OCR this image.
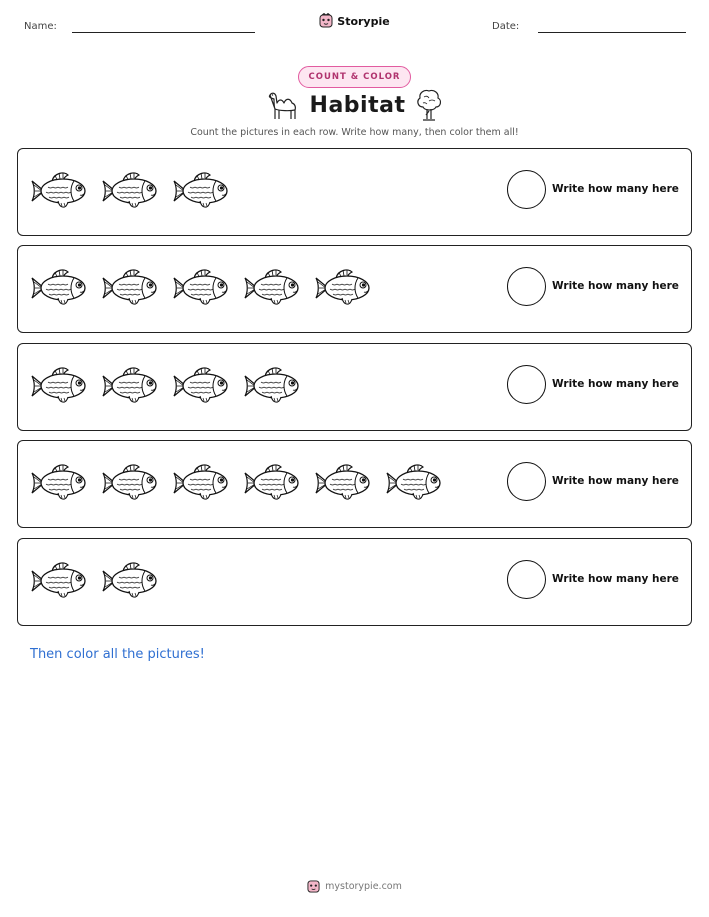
Name:	Storypie	Date:
COUNT & COLOR
Habitat
Count the pictures in each row. Write how many, then color them all!
Write how many here
Write how many here
Write how many here
Write how many here
Write how many here
Then color all the pictures!
mystorypie.com
